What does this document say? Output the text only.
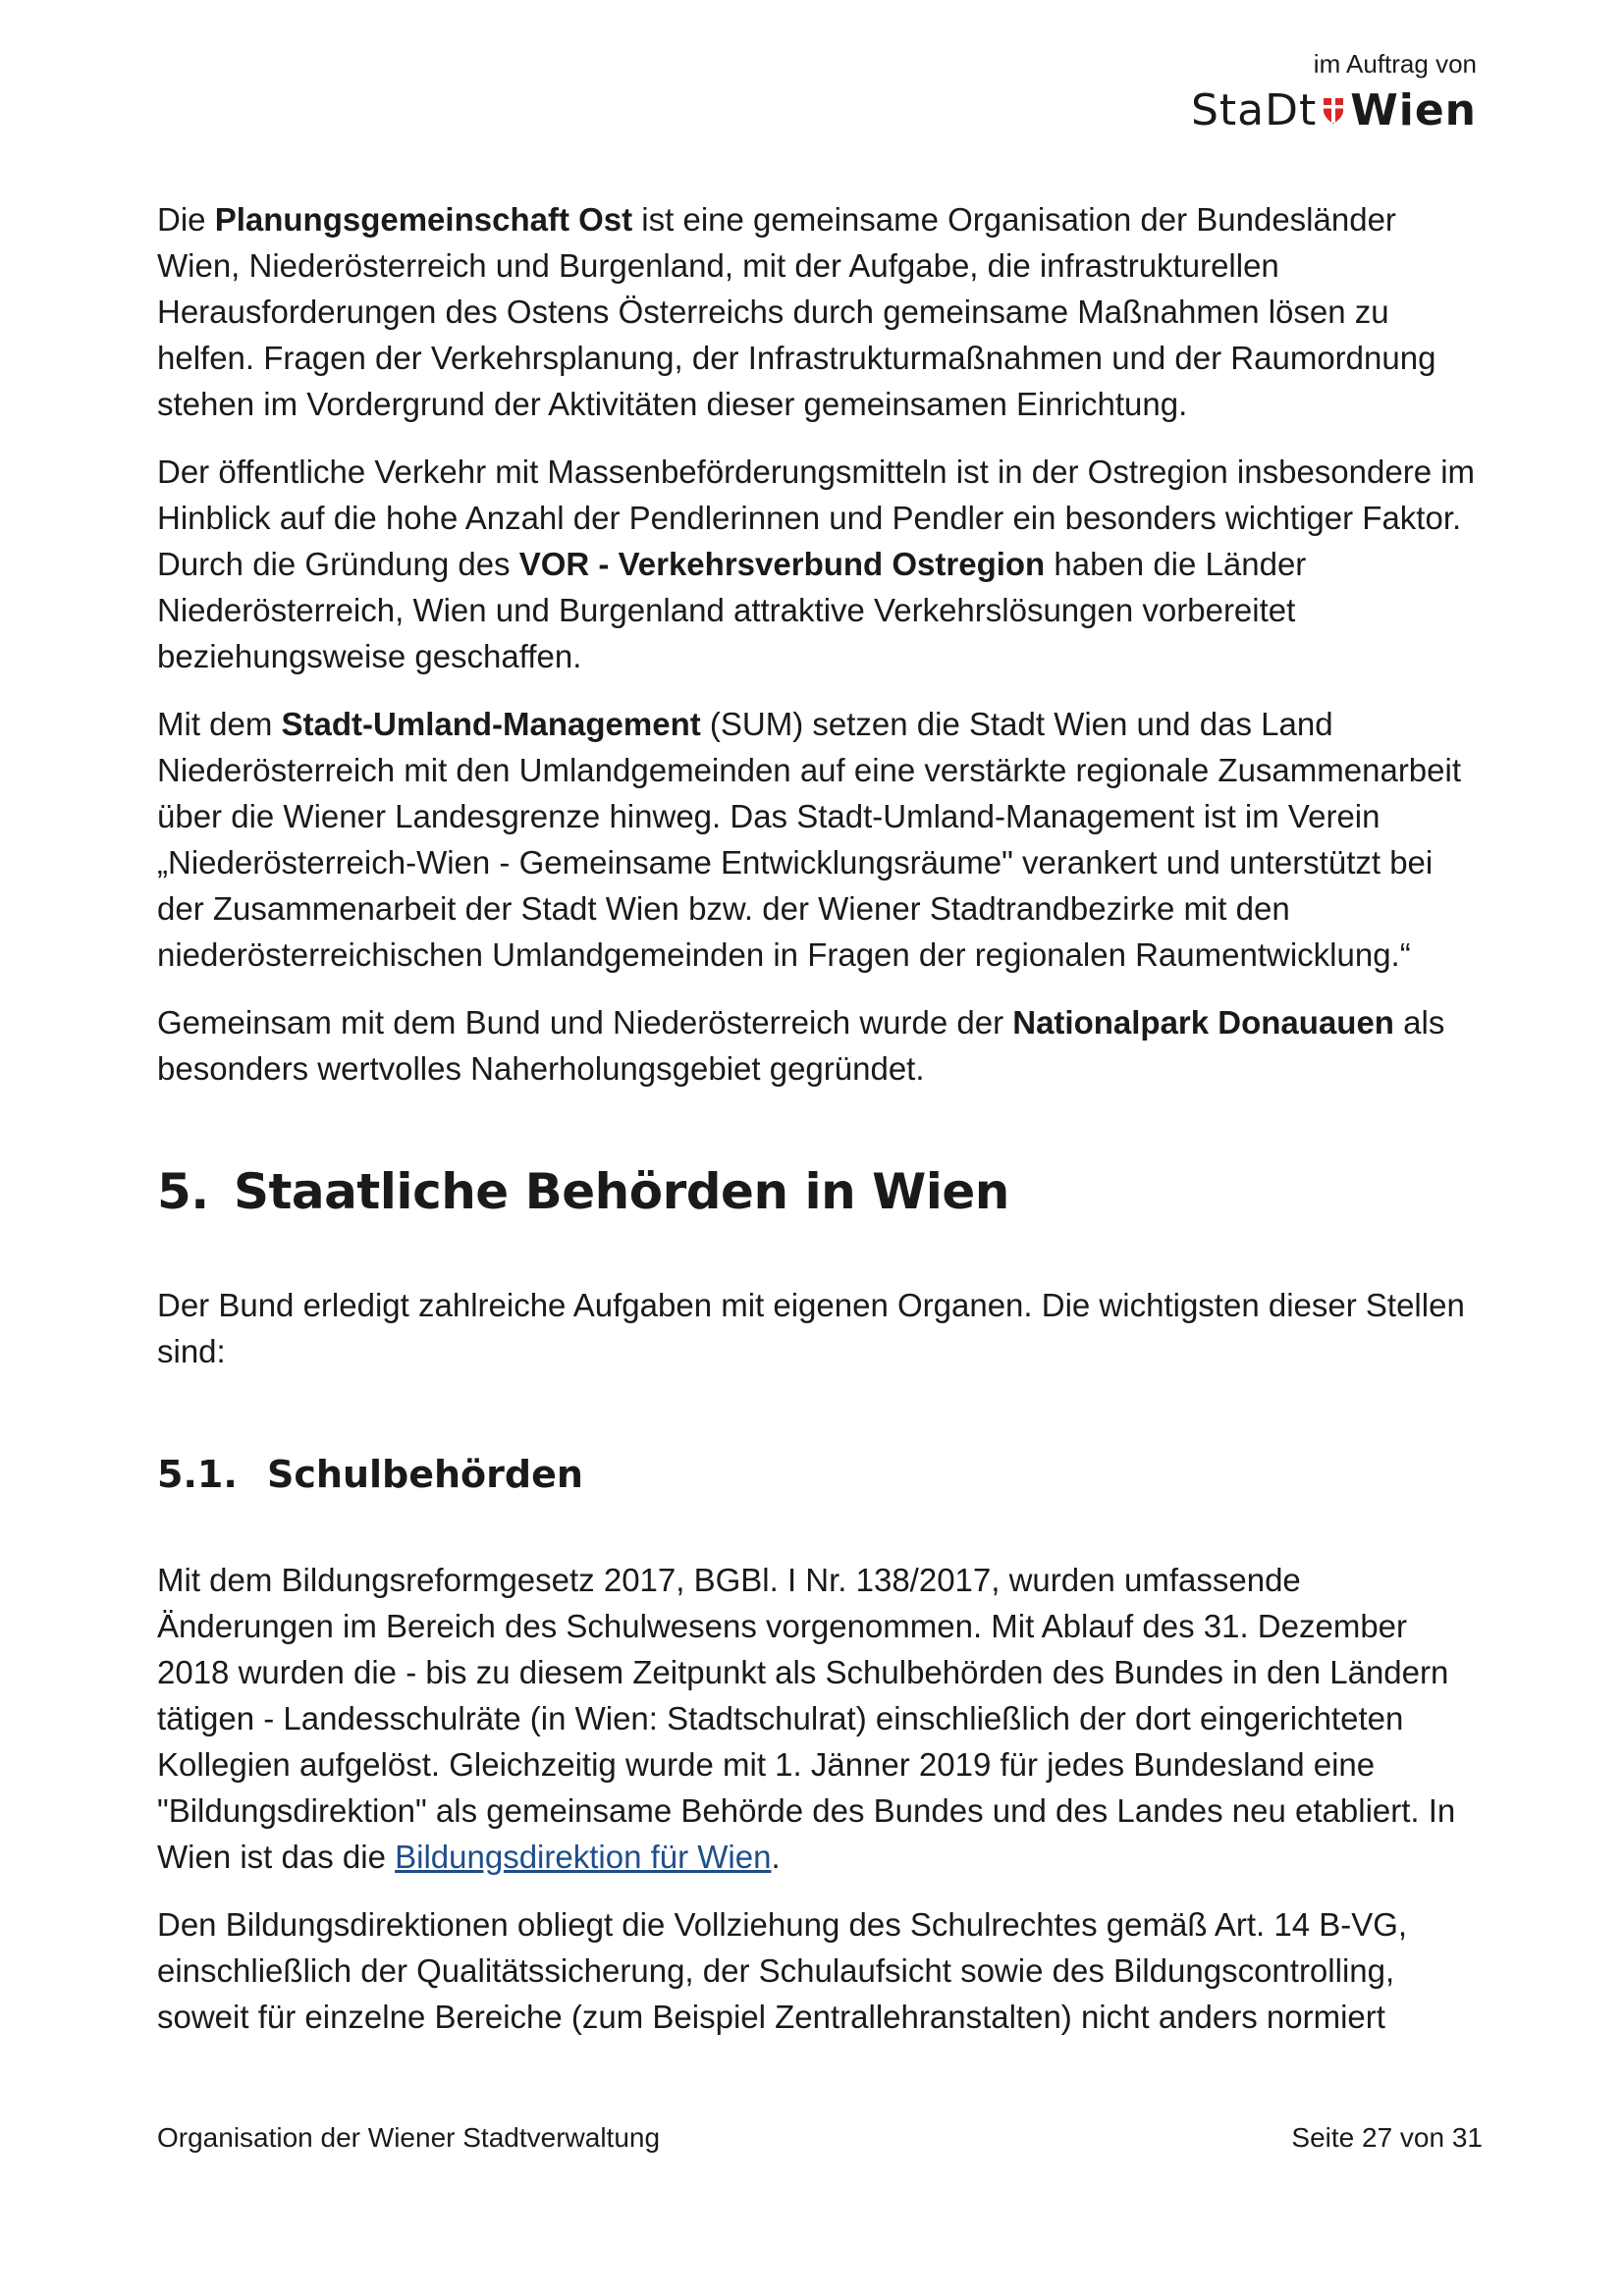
im Auftrag von
StaDt Wien

Die Planungsgemeinschaft Ost ist eine gemeinsame Organisation der Bundesländer Wien, Niederösterreich und Burgenland, mit der Aufgabe, die infrastrukturellen Herausforderungen des Ostens Österreichs durch gemeinsame Maßnahmen lösen zu helfen. Fragen der Verkehrsplanung, der Infrastrukturmaßnahmen und der Raumordnung stehen im Vordergrund der Aktivitäten dieser gemeinsamen Einrichtung.

Der öffentliche Verkehr mit Massenbeförderungsmitteln ist in der Ostregion insbesondere im Hinblick auf die hohe Anzahl der Pendlerinnen und Pendler ein besonders wichtiger Faktor. Durch die Gründung des VOR - Verkehrsverbund Ostregion haben die Länder Niederösterreich, Wien und Burgenland attraktive Verkehrslösungen vorbereitet beziehungsweise geschaffen.

Mit dem Stadt-Umland-Management (SUM) setzen die Stadt Wien und das Land Niederösterreich mit den Umlandgemeinden auf eine verstärkte regionale Zusammenarbeit über die Wiener Landesgrenze hinweg. Das Stadt-Umland-Management ist im Verein „Niederösterreich-Wien - Gemeinsame Entwicklungsräume" verankert und unterstützt bei der Zusammenarbeit der Stadt Wien bzw. der Wiener Stadtrandbezirke mit den niederösterreichischen Umlandgemeinden in Fragen der regionalen Raumentwicklung.“

Gemeinsam mit dem Bund und Niederösterreich wurde der Nationalpark Donauauen als besonders wertvolles Naherholungsgebiet gegründet.

5. Staatliche Behörden in Wien

Der Bund erledigt zahlreiche Aufgaben mit eigenen Organen. Die wichtigsten dieser Stellen sind:

5.1. Schulbehörden

Mit dem Bildungsreformgesetz 2017, BGBl. I Nr. 138/2017, wurden umfassende Änderungen im Bereich des Schulwesens vorgenommen. Mit Ablauf des 31. Dezember 2018 wurden die - bis zu diesem Zeitpunkt als Schulbehörden des Bundes in den Ländern tätigen - Landesschulräte (in Wien: Stadtschulrat) einschließlich der dort eingerichteten Kollegien aufgelöst. Gleichzeitig wurde mit 1. Jänner 2019 für jedes Bundesland eine "Bildungsdirektion" als gemeinsame Behörde des Bundes und des Landes neu etabliert. In Wien ist das die Bildungsdirektion für Wien.

Den Bildungsdirektionen obliegt die Vollziehung des Schulrechtes gemäß Art. 14 B-VG, einschließlich der Qualitätssicherung, der Schulaufsicht sowie des Bildungscontrolling, soweit für einzelne Bereiche (zum Beispiel Zentrallehranstalten) nicht anders normiert

Organisation der Wiener Stadtverwaltung	Seite 27 von 31
